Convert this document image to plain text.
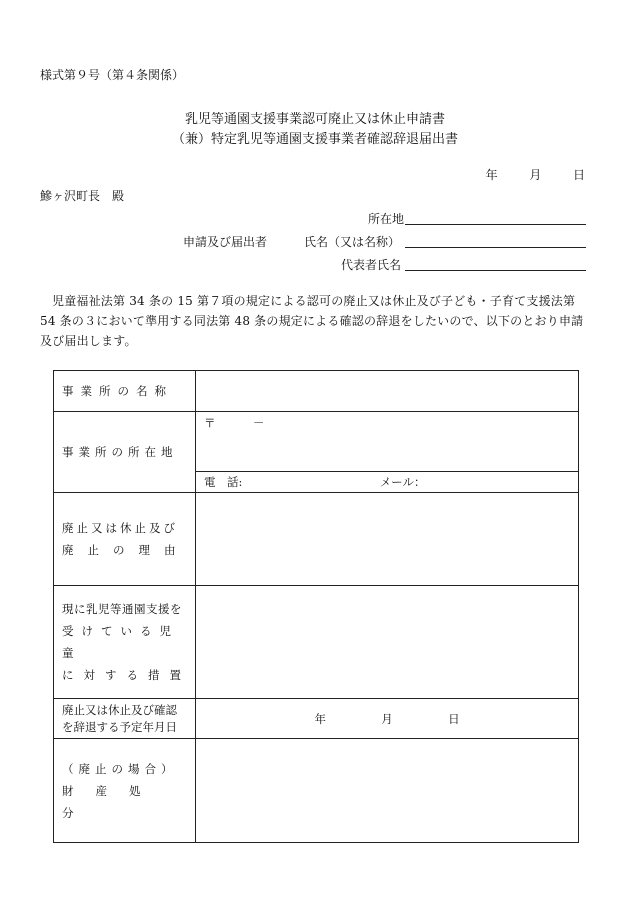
様式第９号（第４条関係）
乳児等通園支援事業認可廃止又は休止申請書
（兼）特定乳児等通園支援事業者確認辞退届出書
年	月	日
鰺ヶ沢町長　殿
所在地
申請及び届出者	氏名（又は名称）
代表者氏名
児童福祉法第 34 条の 15 第７項の規定による認可の廃止又は休止及び子ども・子育て支援法第 54 条の３において準用する同法第 48 条の規定による確認の辞退をしたいので、以下のとおり申請及び届出します。
事業所の名称	

事業所の所在地	〒 －

	電　話: メール：

廃止又は休止及び
廃止の理由	

現に乳児等通園支援を
受けている児童
に対する措置	

廃止又は休止及び確認
を辞退する予定年月日	年 月 日

（廃止の場合）
財産処分	
